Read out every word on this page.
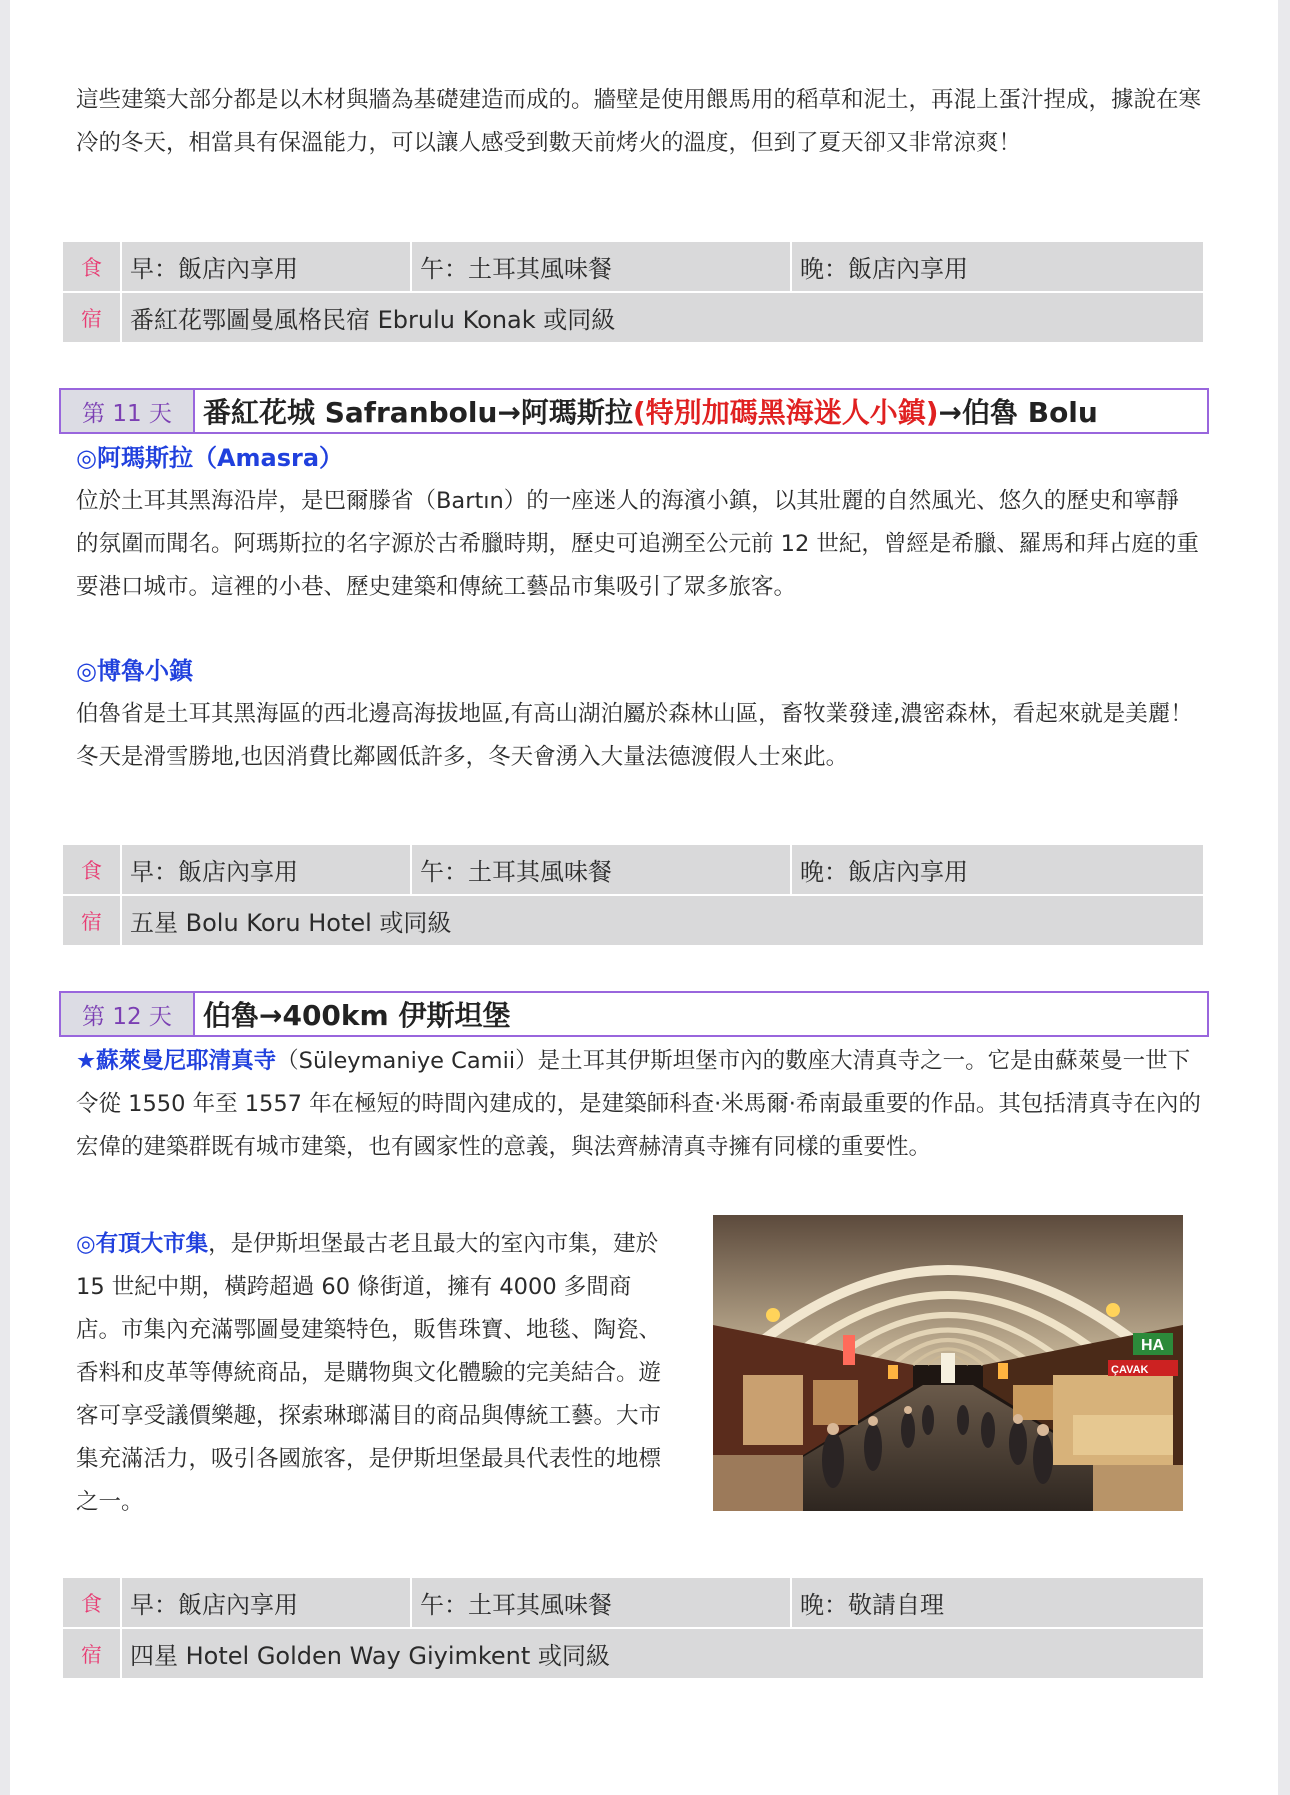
這些建築大部分都是以木材與牆為基礎建造而成的。牆壁是使用餵馬用的稻草和泥土，再混上蛋汁捏成，據說在寒冷的冬天，相當具有保溫能力，可以讓人感受到數天前烤火的溫度，但到了夏天卻又非常涼爽！

食	早：飯店內享用	午：土耳其風味餐	晚：飯店內享用
宿	番紅花鄂圖曼風格民宿 Ebrulu Konak 或同級		
第 11 天	番紅花城 Safranbolu→阿瑪斯拉 (特別加碼黑海迷人小鎮) →伯魯 Bolu
◎阿瑪斯拉（Amasra）

位於土耳其黑海沿岸，是巴爾滕省（Bartın）的一座迷人的海濱小鎮，以其壯麗的自然風光、悠久的歷史和寧靜的氛圍而聞名。阿瑪斯拉的名字源於古希臘時期，歷史可追溯至公元前 12 世紀，曾經是希臘、羅馬和拜占庭的重要港口城市。這裡的小巷、歷史建築和傳統工藝品市集吸引了眾多旅客。

◎博魯小鎮

伯魯省是土耳其黑海區的西北邊高海拔地區,有高山湖泊屬於森林山區，畜牧業發達,濃密森林，看起來就是美麗！冬天是滑雪勝地,也因消費比鄰國低許多，冬天會湧入大量法德渡假人士來此。

食	早：飯店內享用	午：土耳其風味餐	晚：飯店內享用
宿	五星 Bolu Koru Hotel 或同級		
第 12 天	伯魯→400km 伊斯坦堡

★蘇萊曼尼耶清真寺（Süleymaniye Camii）是土耳其伊斯坦堡市內的數座大清真寺之一。它是由蘇萊曼一世下令從 1550 年至 1557 年在極短的時間內建成的，是建築師科查·米馬爾·希南最重要的作品。其包括清真寺在內的宏偉的建築群既有城市建築，也有國家性的意義，與法齊赫清真寺擁有同樣的重要性。

◎有頂大市集，是伊斯坦堡最古老且最大的室內市集，建於 15 世紀中期，橫跨超過 60 條街道，擁有 4000 多間商店。市集內充滿鄂圖曼建築特色，販售珠寶、地毯、陶瓷、香料和皮革等傳統商品，是購物與文化體驗的完美結合。遊客可享受議價樂趣，探索琳瑯滿目的商品與傳統工藝。大市集充滿活力，吸引各國旅客，是伊斯坦堡最具代表性的地標之一。

HA
ÇAVAK
食	早：飯店內享用	午：土耳其風味餐	晚：敬請自理
宿	四星 Hotel Golden Way Giyimkent 或同級		
